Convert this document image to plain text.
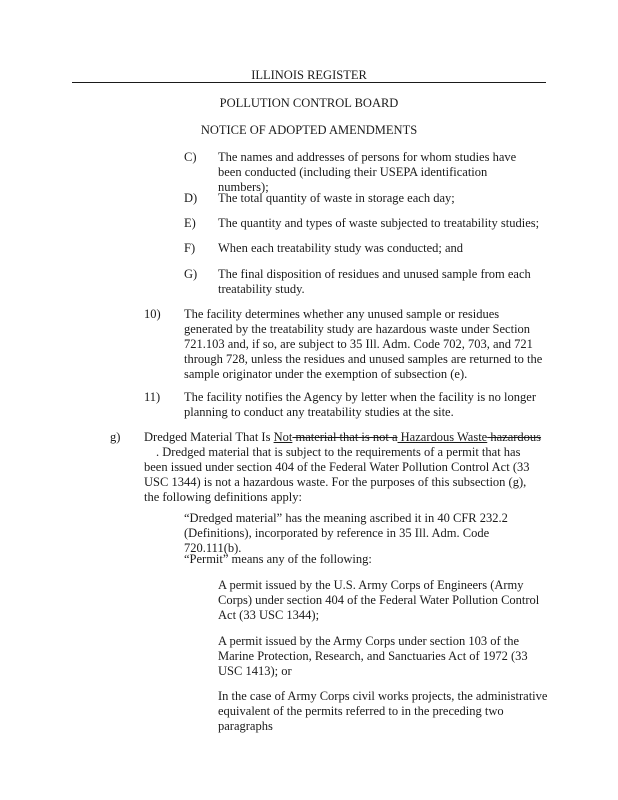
ILLINOIS REGISTER
POLLUTION CONTROL BOARD
NOTICE OF ADOPTED AMENDMENTS
C) The names and addresses of persons for whom studies have been conducted (including their USEPA identification numbers);
D) The total quantity of waste in storage each day;
E) The quantity and types of waste subjected to treatability studies;
F) When each treatability study was conducted; and
G) The final disposition of residues and unused sample from each treatability study.
10) The facility determines whether any unused sample or residues generated by the treatability study are hazardous waste under Section 721.103 and, if so, are subject to 35 Ill. Adm. Code 702, 703, and 721 through 728, unless the residues and unused samples are returned to the sample originator under the exemption of subsection (e).
11) The facility notifies the Agency by letter when the facility is no longer planning to conduct any treatability studies at the site.
g) Dredged Material That Is Not material that is not a Hazardous Waste hazardous
. Dredged material that is subject to the requirements of a permit that has been issued under section 404 of the Federal Water Pollution Control Act (33 USC 1344) is not a hazardous waste. For the purposes of this subsection (g), the following definitions apply:
“Dredged material” has the meaning ascribed it in 40 CFR 232.2 (Definitions), incorporated by reference in 35 Ill. Adm. Code 720.111(b).
“Permit” means any of the following:
A permit issued by the U.S. Army Corps of Engineers (Army Corps) under section 404 of the Federal Water Pollution Control Act (33 USC 1344);
A permit issued by the Army Corps under section 103 of the Marine Protection, Research, and Sanctuaries Act of 1972 (33 USC 1413); or
In the case of Army Corps civil works projects, the administrative equivalent of the permits referred to in the preceding two paragraphs
